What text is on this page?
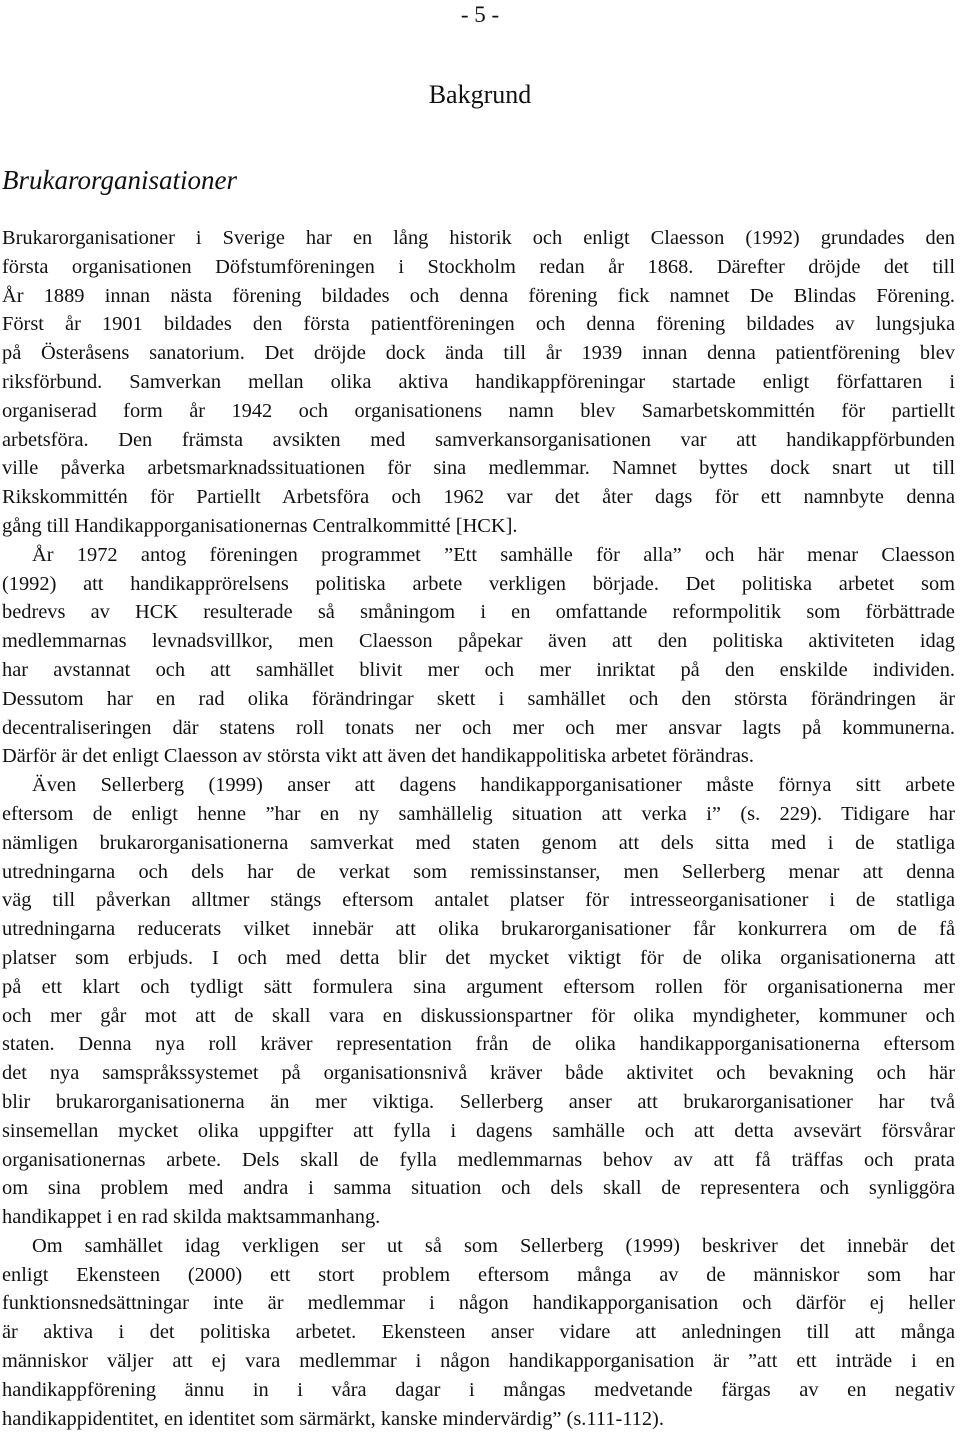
- 5 -
Bakgrund
Brukarorganisationer
Brukarorganisationer i Sverige har en lång historik och enligt Claesson (1992) grundades den
första organisationen Döfstumföreningen i Stockholm redan år 1868. Därefter dröjde det till
År 1889 innan nästa förening bildades och denna förening fick namnet De Blindas Förening.
Först år 1901 bildades den första patientföreningen och denna förening bildades av lungsjuka
på Österåsens sanatorium. Det dröjde dock ända till år 1939 innan denna patientförening blev
riksförbund. Samverkan mellan olika aktiva handikappföreningar startade enligt författaren i
organiserad form år 1942 och organisationens namn blev Samarbetskommittén för partiellt
arbetsföra. Den främsta avsikten med samverkansorganisationen var att handikappförbunden
ville påverka arbetsmarknadssituationen för sina medlemmar. Namnet byttes dock snart ut till
Rikskommittén för Partiellt Arbetsföra och 1962 var det åter dags för ett namnbyte denna
gång till Handikapporganisationernas Centralkommitté [HCK].
År 1972 antog föreningen programmet ”Ett samhälle för alla” och här menar Claesson
(1992) att handikapprörelsens politiska arbete verkligen började. Det politiska arbetet som
bedrevs av HCK resulterade så småningom i en omfattande reformpolitik som förbättrade
medlemmarnas levnadsvillkor, men Claesson påpekar även att den politiska aktiviteten idag
har avstannat och att samhället blivit mer och mer inriktat på den enskilde individen.
Dessutom har en rad olika förändringar skett i samhället och den största förändringen är
decentraliseringen där statens roll tonats ner och mer och mer ansvar lagts på kommunerna.
Därför är det enligt Claesson av största vikt att även det handikappolitiska arbetet förändras.
Även Sellerberg (1999) anser att dagens handikapporganisationer måste förnya sitt arbete
eftersom de enligt henne ”har en ny samhällelig situation att verka i” (s. 229). Tidigare har
nämligen brukarorganisationerna samverkat med staten genom att dels sitta med i de statliga
utredningarna och dels har de verkat som remissinstanser, men Sellerberg menar att denna
väg till påverkan alltmer stängs eftersom antalet platser för intresseorganisationer i de statliga
utredningarna reducerats vilket innebär att olika brukarorganisationer får konkurrera om de få
platser som erbjuds. I och med detta blir det mycket viktigt för de olika organisationerna att
på ett klart och tydligt sätt formulera sina argument eftersom rollen för organisationerna mer
och mer går mot att de skall vara en diskussionspartner för olika myndigheter, kommuner och
staten. Denna nya roll kräver representation från de olika handikapporganisationerna eftersom
det nya samspråkssystemet på organisationsnivå kräver både aktivitet och bevakning och här
blir brukarorganisationerna än mer viktiga. Sellerberg anser att brukarorganisationer har två
sinsemellan mycket olika uppgifter att fylla i dagens samhälle och att detta avsevärt försvårar
organisationernas arbete. Dels skall de fylla medlemmarnas behov av att få träffas och prata
om sina problem med andra i samma situation och dels skall de representera och synliggöra
handikappet i en rad skilda maktsammanhang.
Om samhället idag verkligen ser ut så som Sellerberg (1999) beskriver det innebär det
enligt Ekensteen (2000) ett stort problem eftersom många av de människor som har
funktionsnedsättningar inte är medlemmar i någon handikapporganisation och därför ej heller
är aktiva i det politiska arbetet. Ekensteen anser vidare att anledningen till att många
människor väljer att ej vara medlemmar i någon handikapporganisation är ”att ett inträde i en
handikappförening ännu in i våra dagar i mångas medvetande färgas av en negativ
handikappidentitet, en identitet som särmärkt, kanske mindervärdig” (s.111-112).
